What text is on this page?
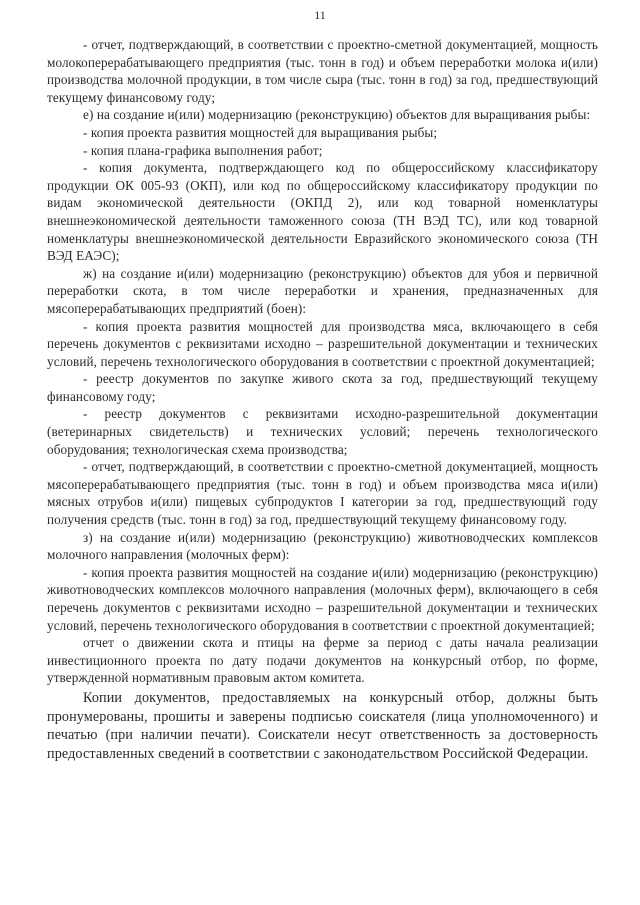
11

- отчет, подтверждающий, в соответствии с проектно-сметной документацией, мощность молокоперерабатывающего предприятия (тыс. тонн в год) и объем переработки молока и(или) производства молочной продукции, в том числе сыра (тыс. тонн в год) за год, предшествующий текущему финансовому году;

е) на создание и(или) модернизацию (реконструкцию) объектов для выращивания рыбы:

- копия проекта развития мощностей для выращивания рыбы;

- копия плана-графика выполнения работ;

- копия документа, подтверждающего код по общероссийскому классификатору продукции ОК 005-93 (ОКП), или код по общероссийскому классификатору продукции по видам экономической деятельности (ОКПД 2), или код товарной номенклатуры внешнеэкономической деятельности таможенного союза (ТН ВЭД ТС), или код товарной номенклатуры внешнеэкономической деятельности Евразийского экономического союза (ТН ВЭД ЕАЭС);

ж) на создание и(или) модернизацию (реконструкцию) объектов для убоя и первичной переработки скота, в том числе переработки и хранения, предназначенных для мясоперерабатывающих предприятий (боен):

- копия проекта развития мощностей для производства мяса, включающего в себя перечень документов с реквизитами исходно – разрешительной документации и технических условий, перечень технологического оборудования в соответствии с проектной документацией;

- реестр документов по закупке живого скота за год, предшествующий текущему финансовому году;

- реестр документов с реквизитами исходно-разрешительной документации (ветеринарных свидетельств) и технических условий; перечень технологического оборудования; технологическая схема производства;

- отчет, подтверждающий, в соответствии с проектно-сметной документацией, мощность мясоперерабатывающего предприятия (тыс. тонн в год) и объем производства мяса и(или) мясных отрубов и(или) пищевых субпродуктов I категории за год, предшествующий году получения средств (тыс. тонн в год) за год, предшествующий текущему финансовому году.

з) на создание и(или) модернизацию (реконструкцию) животноводческих комплексов молочного направления (молочных ферм):

- копия проекта развития мощностей на создание и(или) модернизацию (реконструкцию) животноводческих комплексов молочного направления (молочных ферм), включающего в себя перечень документов с реквизитами исходно – разрешительной документации и технических условий, перечень технологического оборудования в соответствии с проектной документацией;

отчет о движении скота и птицы на ферме за период с даты начала реализации инвестиционного проекта по дату подачи документов на конкурсный отбор, по форме, утвержденной нормативным правовым актом комитета.

Копии документов, предоставляемых на конкурсный отбор, должны быть пронумерованы, прошиты и заверены подписью соискателя (лица уполномоченного) и печатью (при наличии печати). Соискатели несут ответственность за достоверность предоставленных сведений в соответствии с законодательством Российской Федерации.
